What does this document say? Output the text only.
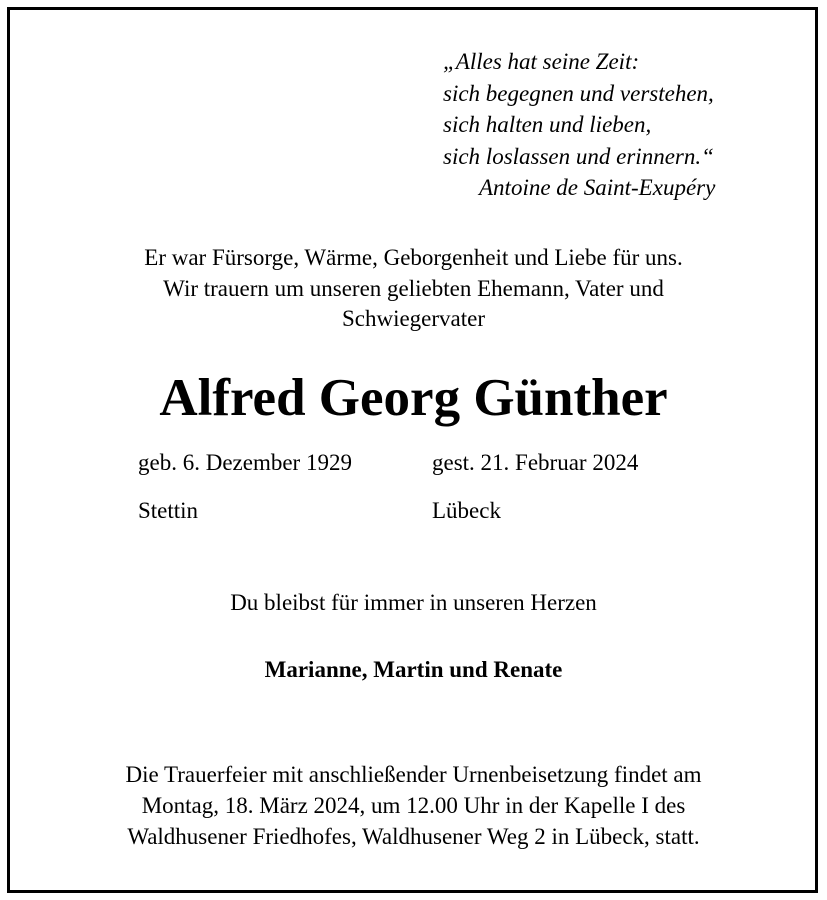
„Alles hat seine Zeit:
sich begegnen und verstehen,
sich halten und lieben,
sich loslassen und erinnern.“
Antoine de Saint-Exupéry
Er war Fürsorge, Wärme, Geborgenheit und Liebe für uns.
Wir trauern um unseren geliebten Ehemann, Vater und
Schwiegervater
Alfred Georg Günther
geb. 6. Dezember 1929
Stettin
gest. 21. Februar 2024
Lübeck
Du bleibst für immer in unseren Herzen
Marianne, Martin und Renate
Die Trauerfeier mit anschließender Urnenbeisetzung findet am
Montag, 18. März 2024, um 12.00 Uhr in der Kapelle I des
Waldhusener Friedhofes, Waldhusener Weg 2 in Lübeck, statt.
